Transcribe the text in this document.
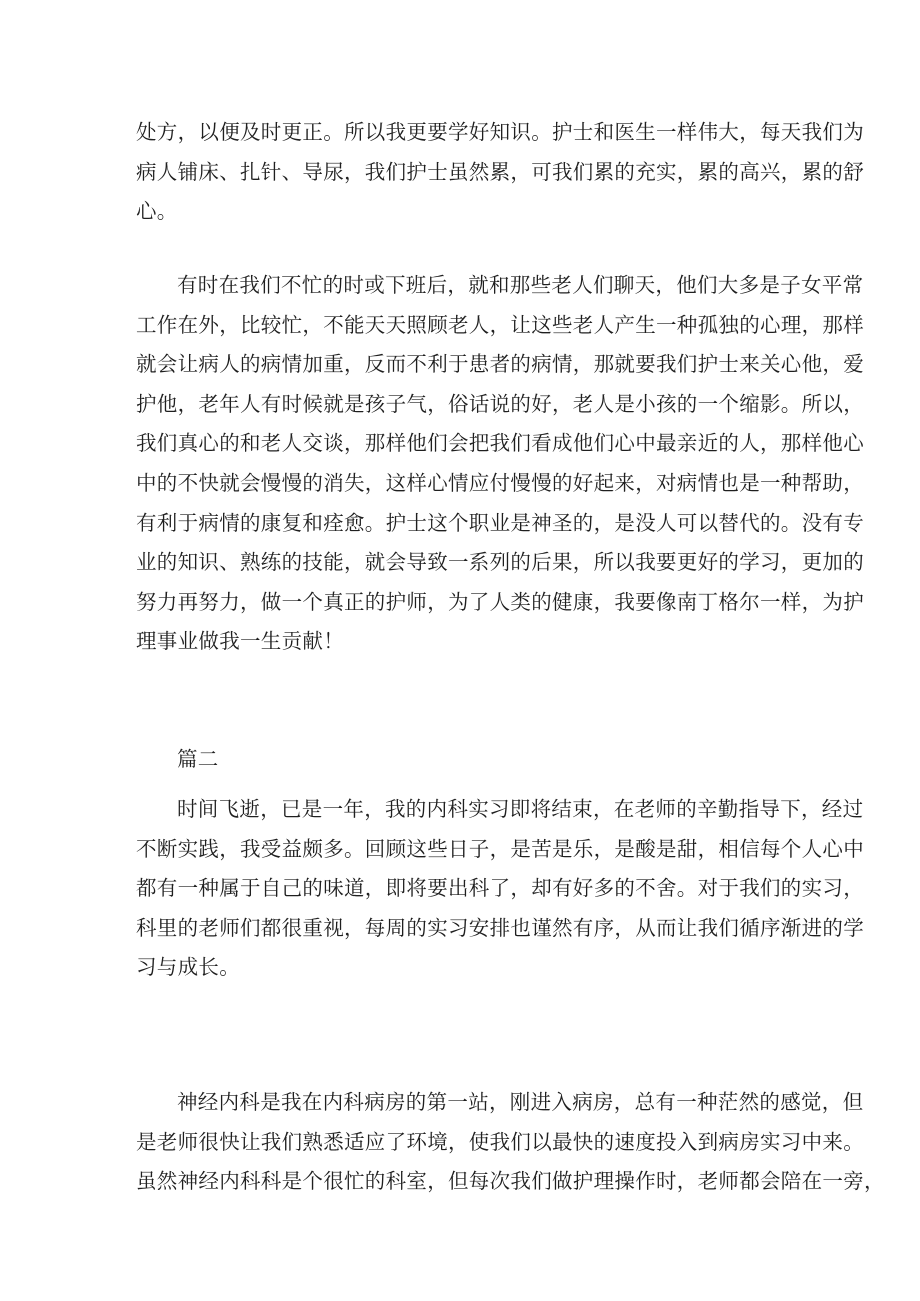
处方，以便及时更正。所以我更要学好知识。护士和医生一样伟大，每天我们为
病人铺床、扎针、导尿，我们护士虽然累，可我们累的充实，累的高兴，累的舒
心。
有时在我们不忙的时或下班后，就和那些老人们聊天，他们大多是子女平常
工作在外，比较忙，不能天天照顾老人，让这些老人产生一种孤独的心理，那样
就会让病人的病情加重，反而不利于患者的病情，那就要我们护士来关心他，爱
护他，老年人有时候就是孩子气，俗话说的好，老人是小孩的一个缩影。所以，
我们真心的和老人交谈，那样他们会把我们看成他们心中最亲近的人，那样他心
中的不快就会慢慢的消失，这样心情应付慢慢的好起来，对病情也是一种帮助，
有利于病情的康复和痊愈。护士这个职业是神圣的，是没人可以替代的。没有专
业的知识、熟练的技能，就会导致一系列的后果，所以我要更好的学习，更加的
努力再努力，做一个真正的护师，为了人类的健康，我要像南丁格尔一样，为护
理事业做我一生贡献！
篇二
时间飞逝，已是一年，我的内科实习即将结束，在老师的辛勤指导下，经过
不断实践，我受益颇多。回顾这些日子，是苦是乐，是酸是甜，相信每个人心中
都有一种属于自己的味道，即将要出科了，却有好多的不舍。对于我们的实习，
科里的老师们都很重视，每周的实习安排也谨然有序，从而让我们循序渐进的学
习与成长。
神经内科是我在内科病房的第一站，刚进入病房，总有一种茫然的感觉，但
是老师很快让我们熟悉适应了环境，使我们以最快的速度投入到病房实习中来。
虽然神经内科科是个很忙的科室，但每次我们做护理操作时，老师都会陪在一旁，
